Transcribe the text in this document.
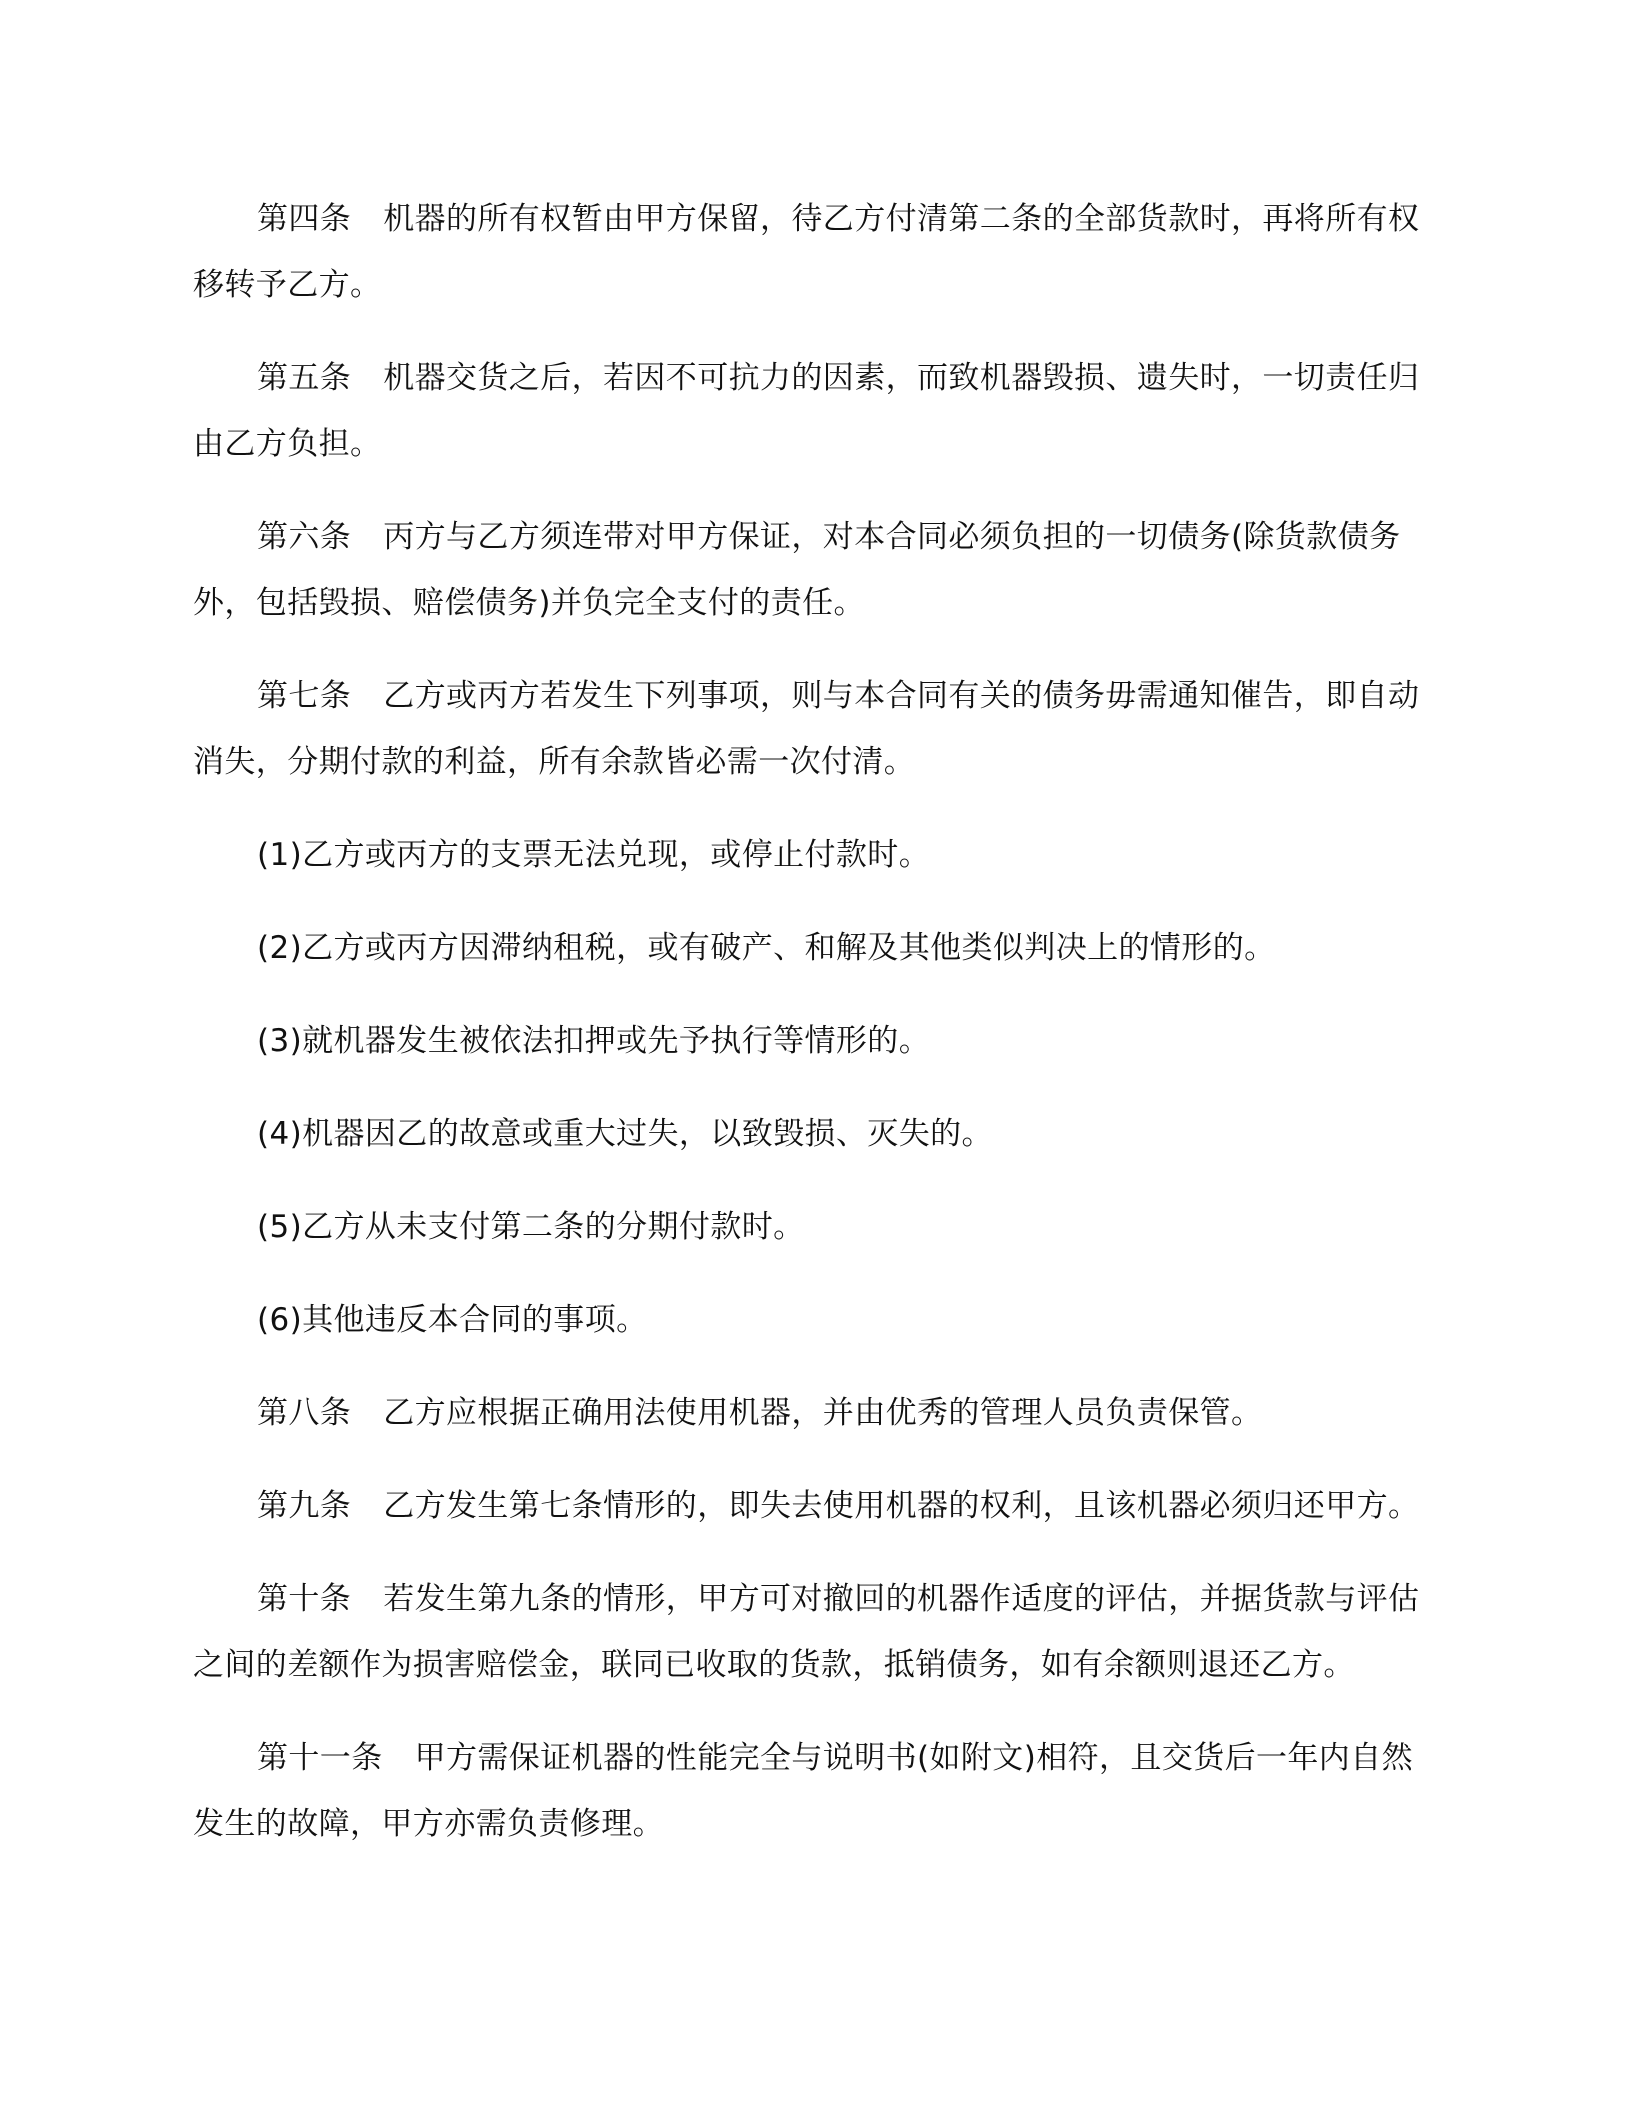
第四条 机器的所有权暂由甲方保留，待乙方付清第二条的全部货款时，再将所有权移转予乙方。

第五条 机器交货之后，若因不可抗力的因素，而致机器毁损、遗失时，一切责任归由乙方负担。

第六条 丙方与乙方须连带对甲方保证，对本合同必须负担的一切债务(除货款债务外，包括毁损、赔偿债务)并负完全支付的责任。

第七条 乙方或丙方若发生下列事项，则与本合同有关的债务毋需通知催告，即自动消失，分期付款的利益，所有余款皆必需一次付清。

(1)乙方或丙方的支票无法兑现，或停止付款时。

(2)乙方或丙方因滞纳租税，或有破产、和解及其他类似判决上的情形的。

(3)就机器发生被依法扣押或先予执行等情形的。

(4)机器因乙的故意或重大过失，以致毁损、灭失的。

(5)乙方从未支付第二条的分期付款时。

(6)其他违反本合同的事项。

第八条 乙方应根据正确用法使用机器，并由优秀的管理人员负责保管。

第九条 乙方发生第七条情形的，即失去使用机器的权利，且该机器必须归还甲方。

第十条 若发生第九条的情形，甲方可对撤回的机器作适度的评估，并据货款与评估之间的差额作为损害赔偿金，联同已收取的货款，抵销债务，如有余额则退还乙方。

第十一条 甲方需保证机器的性能完全与说明书(如附文)相符，且交货后一年内自然发生的故障，甲方亦需负责修理。
